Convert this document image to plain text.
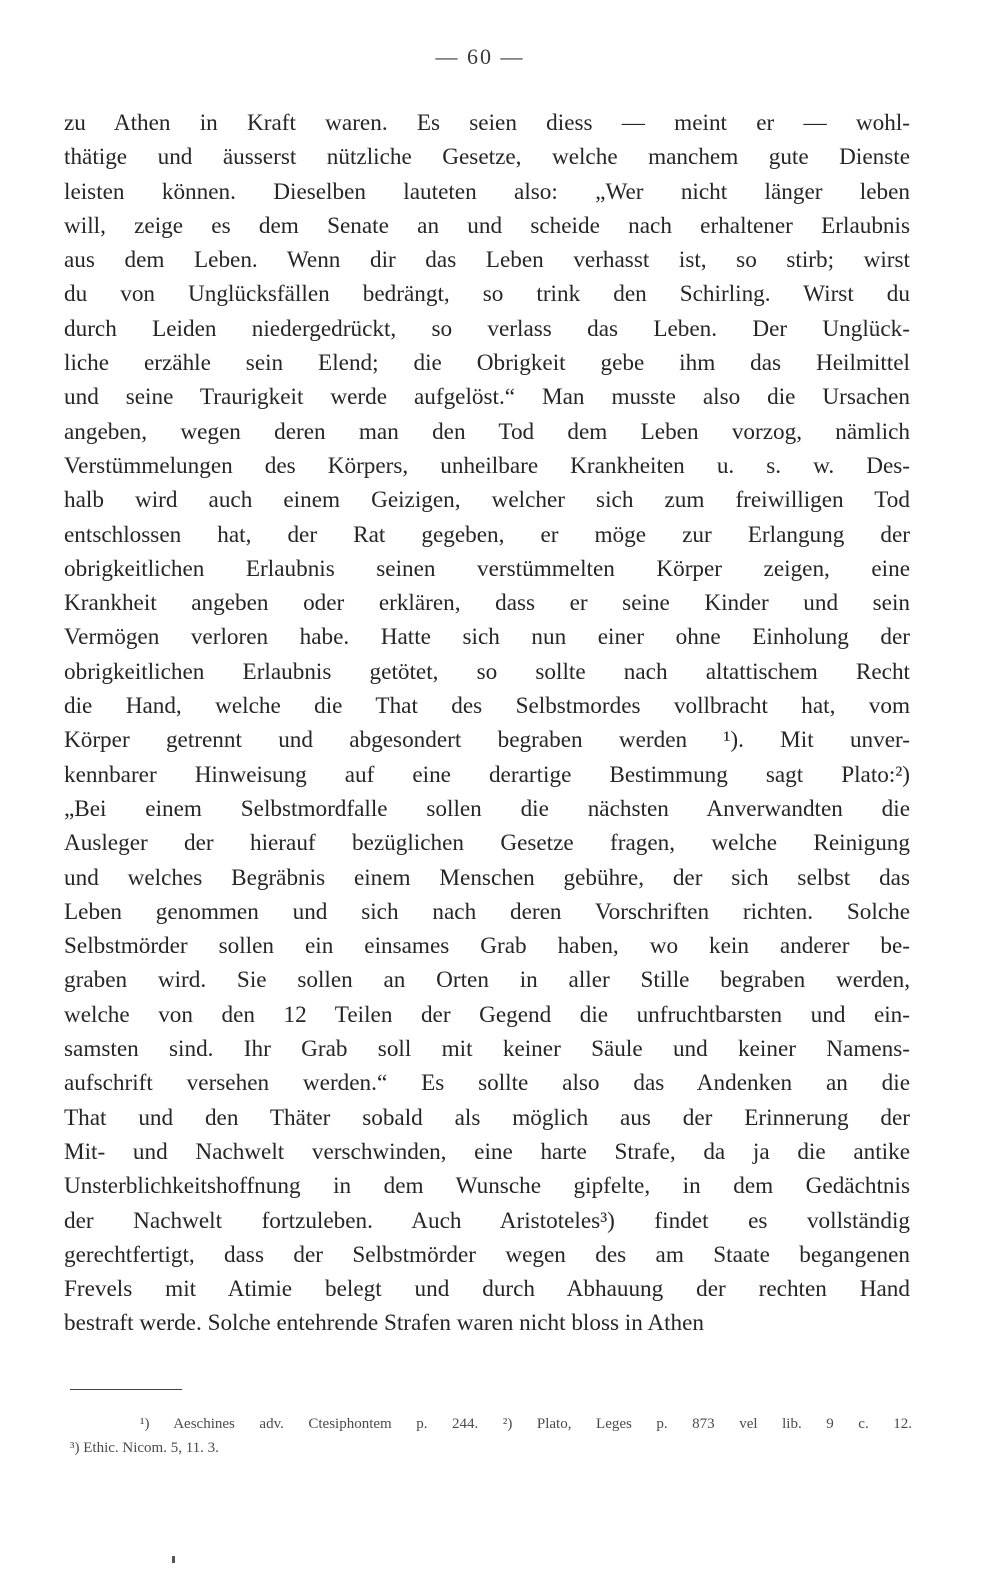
— 60 —
zu Athen in Kraft waren. Es seien diess — meint er — wohl-
thätige und äusserst nützliche Gesetze, welche manchem gute Dienste
leisten können. Dieselben lauteten also: „Wer nicht länger leben
will, zeige es dem Senate an und scheide nach erhaltener Erlaubnis
aus dem Leben. Wenn dir das Leben verhasst ist, so stirb; wirst
du von Unglücksfällen bedrängt, so trink den Schirling. Wirst du
durch Leiden niedergedrückt, so verlass das Leben. Der Unglück-
liche erzähle sein Elend; die Obrigkeit gebe ihm das Heilmittel
und seine Traurigkeit werde aufgelöst.“ Man musste also die Ursachen
angeben, wegen deren man den Tod dem Leben vorzog, nämlich
Verstümmelungen des Körpers, unheilbare Krankheiten u. s. w. Des-
halb wird auch einem Geizigen, welcher sich zum freiwilligen Tod
entschlossen hat, der Rat gegeben, er möge zur Erlangung der
obrigkeitlichen Erlaubnis seinen verstümmelten Körper zeigen, eine
Krankheit angeben oder erklären, dass er seine Kinder und sein
Vermögen verloren habe. Hatte sich nun einer ohne Einholung der
obrigkeitlichen Erlaubnis getötet, so sollte nach altattischem Recht
die Hand, welche die That des Selbstmordes vollbracht hat, vom
Körper getrennt und abgesondert begraben werden ¹). Mit unver-
kennbarer Hinweisung auf eine derartige Bestimmung sagt Plato:²)
„Bei einem Selbstmordfalle sollen die nächsten Anverwandten die
Ausleger der hierauf bezüglichen Gesetze fragen, welche Reinigung
und welches Begräbnis einem Menschen gebühre, der sich selbst das
Leben genommen und sich nach deren Vorschriften richten. Solche
Selbstmörder sollen ein einsames Grab haben, wo kein anderer be-
graben wird. Sie sollen an Orten in aller Stille begraben werden,
welche von den 12 Teilen der Gegend die unfruchtbarsten und ein-
samsten sind. Ihr Grab soll mit keiner Säule und keiner Namens-
aufschrift versehen werden.“ Es sollte also das Andenken an die
That und den Thäter sobald als möglich aus der Erinnerung der
Mit- und Nachwelt verschwinden, eine harte Strafe, da ja die antike
Unsterblichkeitshoffnung in dem Wunsche gipfelte, in dem Gedächtnis
der Nachwelt fortzuleben. Auch Aristoteles³) findet es vollständig
gerechtfertigt, dass der Selbstmörder wegen des am Staate begangenen
Frevels mit Atimie belegt und durch Abhauung der rechten Hand
bestraft werde. Solche entehrende Strafen waren nicht bloss in Athen
¹) Aeschines adv. Ctesiphontem p. 244. ²) Plato, Leges p. 873 vel lib. 9 c. 12.
³) Ethic. Nicom. 5, 11. 3.
